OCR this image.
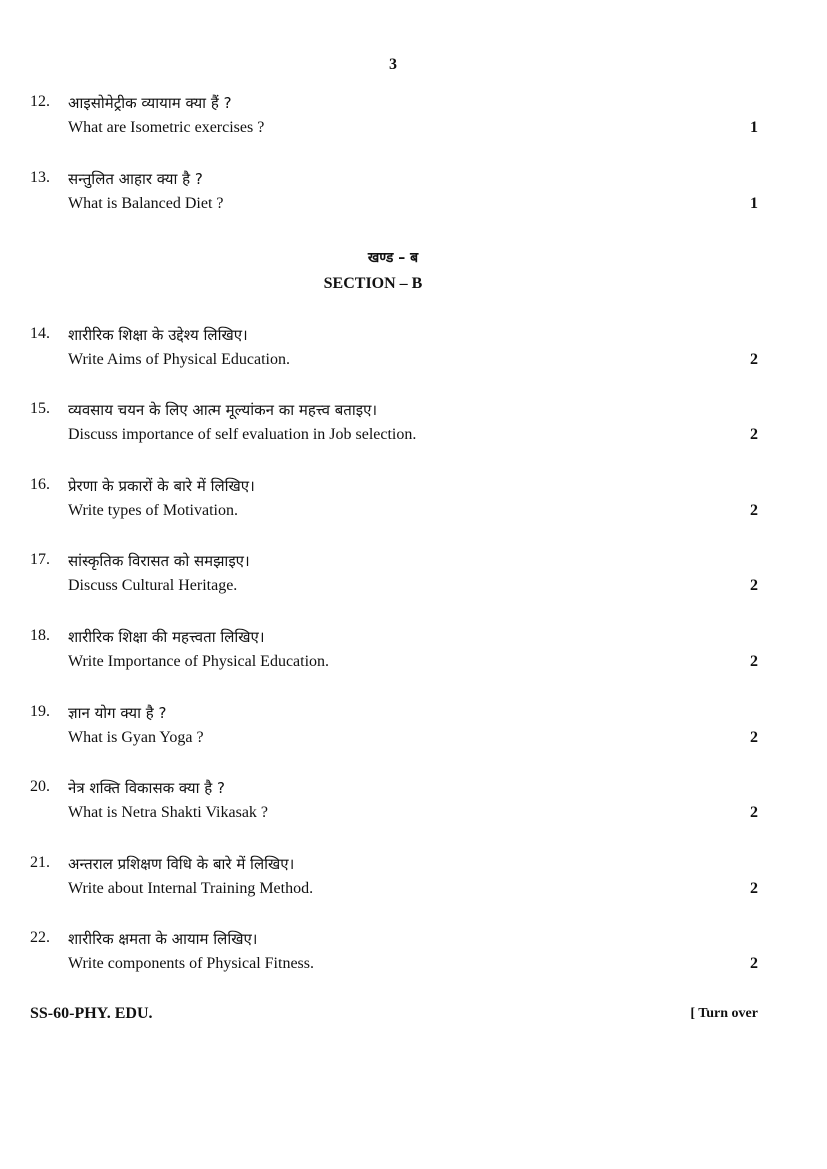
3
12. आइसोमेट्रीक व्यायाम क्या हैं ?
What are Isometric exercises ?	1
13. सन्तुलित आहार क्या है ?
What is Balanced Diet ?	1
खण्ड – ब
SECTION – B
14. शारीरिक शिक्षा के उद्देश्य लिखिए।
Write Aims of Physical Education.	2
15. व्यवसाय चयन के लिए आत्म मूल्यांकन का महत्त्व बताइए।
Discuss importance of self evaluation in Job selection.	2
16. प्रेरणा के प्रकारों के बारे में लिखिए।
Write types of Motivation.	2
17. सांस्कृतिक विरासत को समझाइए।
Discuss Cultural Heritage.	2
18. शारीरिक शिक्षा की महत्त्वता लिखिए।
Write Importance of Physical Education.	2
19. ज्ञान योग क्या है ?
What is Gyan Yoga ?	2
20. नेत्र शक्ति विकासक क्या है ?
What is Netra Shakti Vikasak ?	2
21. अन्तराल प्रशिक्षण विधि के बारे में लिखिए।
Write about Internal Training Method.	2
22. शारीरिक क्षमता के आयाम लिखिए।
Write components of Physical Fitness.	2
SS-60-PHY. EDU.	[ Turn over
